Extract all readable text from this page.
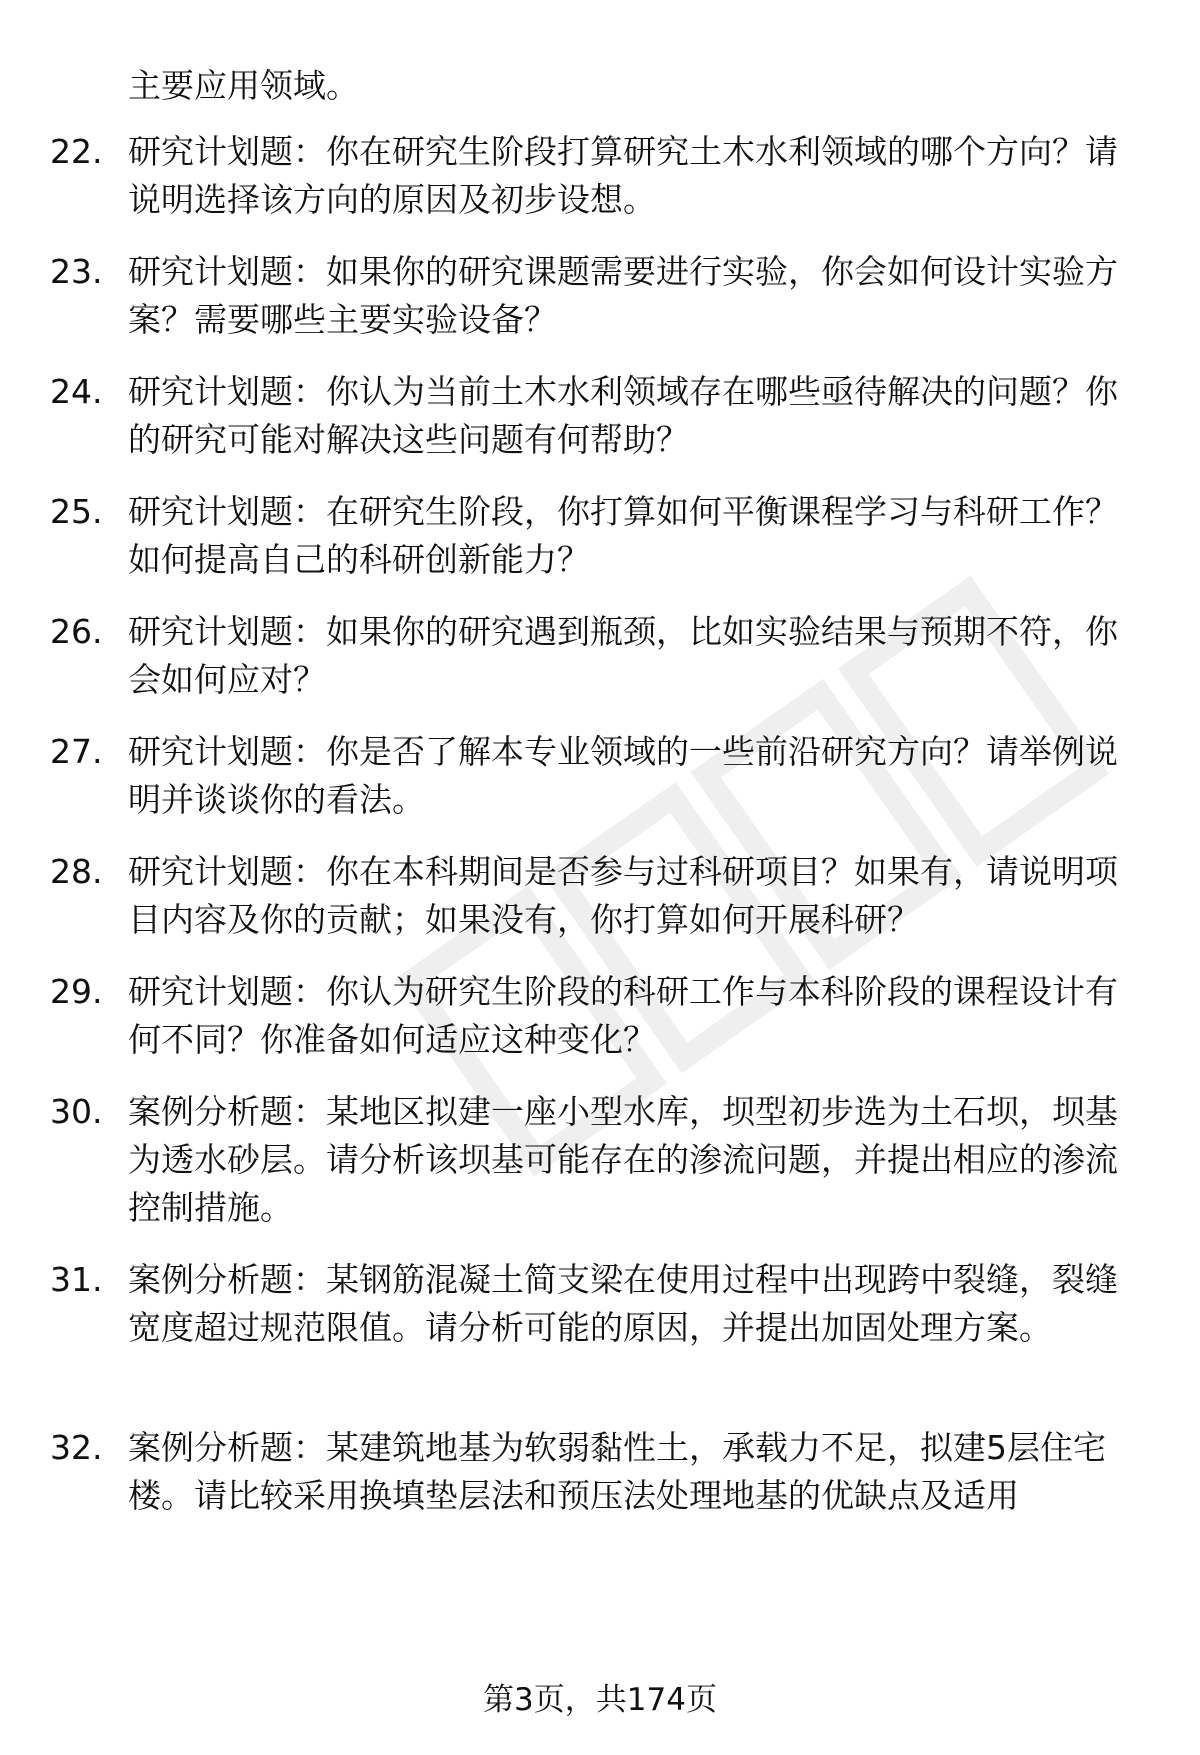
主要应用领域。
22. 研究计划题：你在研究生阶段打算研究土木水利领域的哪个方向？请说明选择该方向的原因及初步设想。
23. 研究计划题：如果你的研究课题需要进行实验，你会如何设计实验方案？需要哪些主要实验设备？
24. 研究计划题：你认为当前土木水利领域存在哪些亟待解决的问题？你的研究可能对解决这些问题有何帮助？
25. 研究计划题：在研究生阶段，你打算如何平衡课程学习与科研工作？如何提高自己的科研创新能力？
26. 研究计划题：如果你的研究遇到瓶颈，比如实验结果与预期不符，你会如何应对？
27. 研究计划题：你是否了解本专业领域的一些前沿研究方向？请举例说明并谈谈你的看法。
28. 研究计划题：你在本科期间是否参与过科研项目？如果有，请说明项目内容及你的贡献；如果没有，你打算如何开展科研？
29. 研究计划题：你认为研究生阶段的科研工作与本科阶段的课程设计有何不同？你准备如何适应这种变化？
30. 案例分析题：某地区拟建一座小型水库，坝型初步选为土石坝，坝基为透水砂层。请分析该坝基可能存在的渗流问题，并提出相应的渗流控制措施。
31. 案例分析题：某钢筋混凝土简支梁在使用过程中出现跨中裂缝，裂缝宽度超过规范限值。请分析可能的原因，并提出加固处理方案。
32. 案例分析题：某建筑地基为软弱黏性土，承载力不足，拟建5层住宅楼。请比较采用换填垫层法和预压法处理地基的优缺点及适用
第3页，共174页
